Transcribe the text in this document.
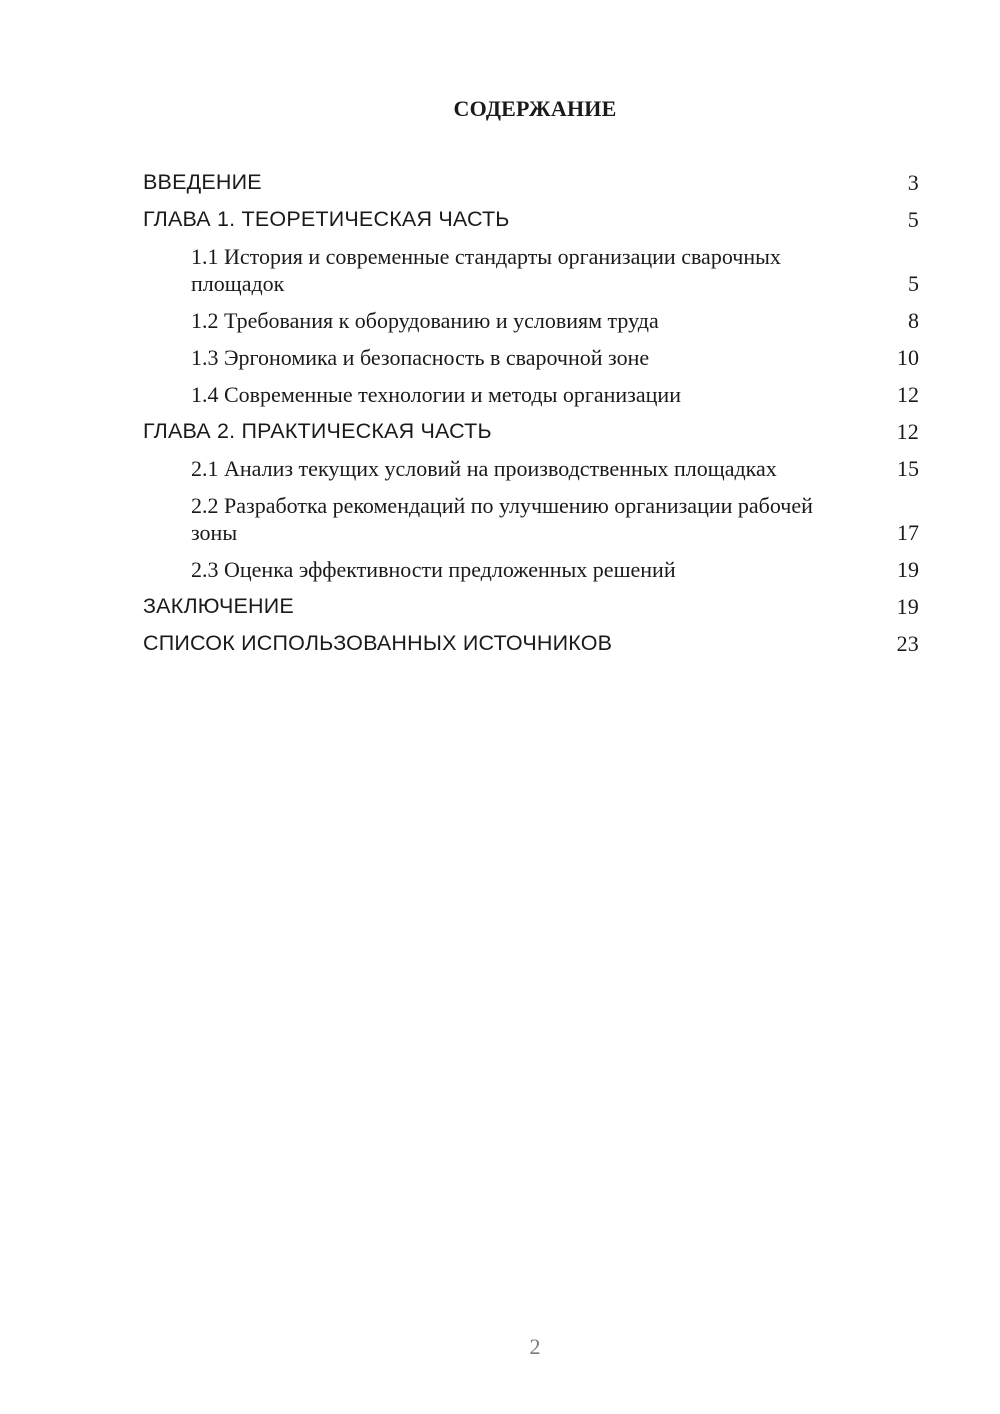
СОДЕРЖАНИЕ
ВВЕДЕНИЕ	3
ГЛАВА 1. ТЕОРЕТИЧЕСКАЯ ЧАСТЬ	5
1.1 История и современные стандарты организации сварочных площадок	5
1.2 Требования к оборудованию и условиям труда	8
1.3 Эргономика и безопасность в сварочной зоне	10
1.4 Современные технологии и методы организации	12
ГЛАВА 2. ПРАКТИЧЕСКАЯ ЧАСТЬ	12
2.1 Анализ текущих условий на производственных площадках	15
2.2 Разработка рекомендаций по улучшению организации рабочей зоны	17
2.3 Оценка эффективности предложенных решений	19
ЗАКЛЮЧЕНИЕ	19
СПИСОК ИСПОЛЬЗОВАННЫХ ИСТОЧНИКОВ	23
2
